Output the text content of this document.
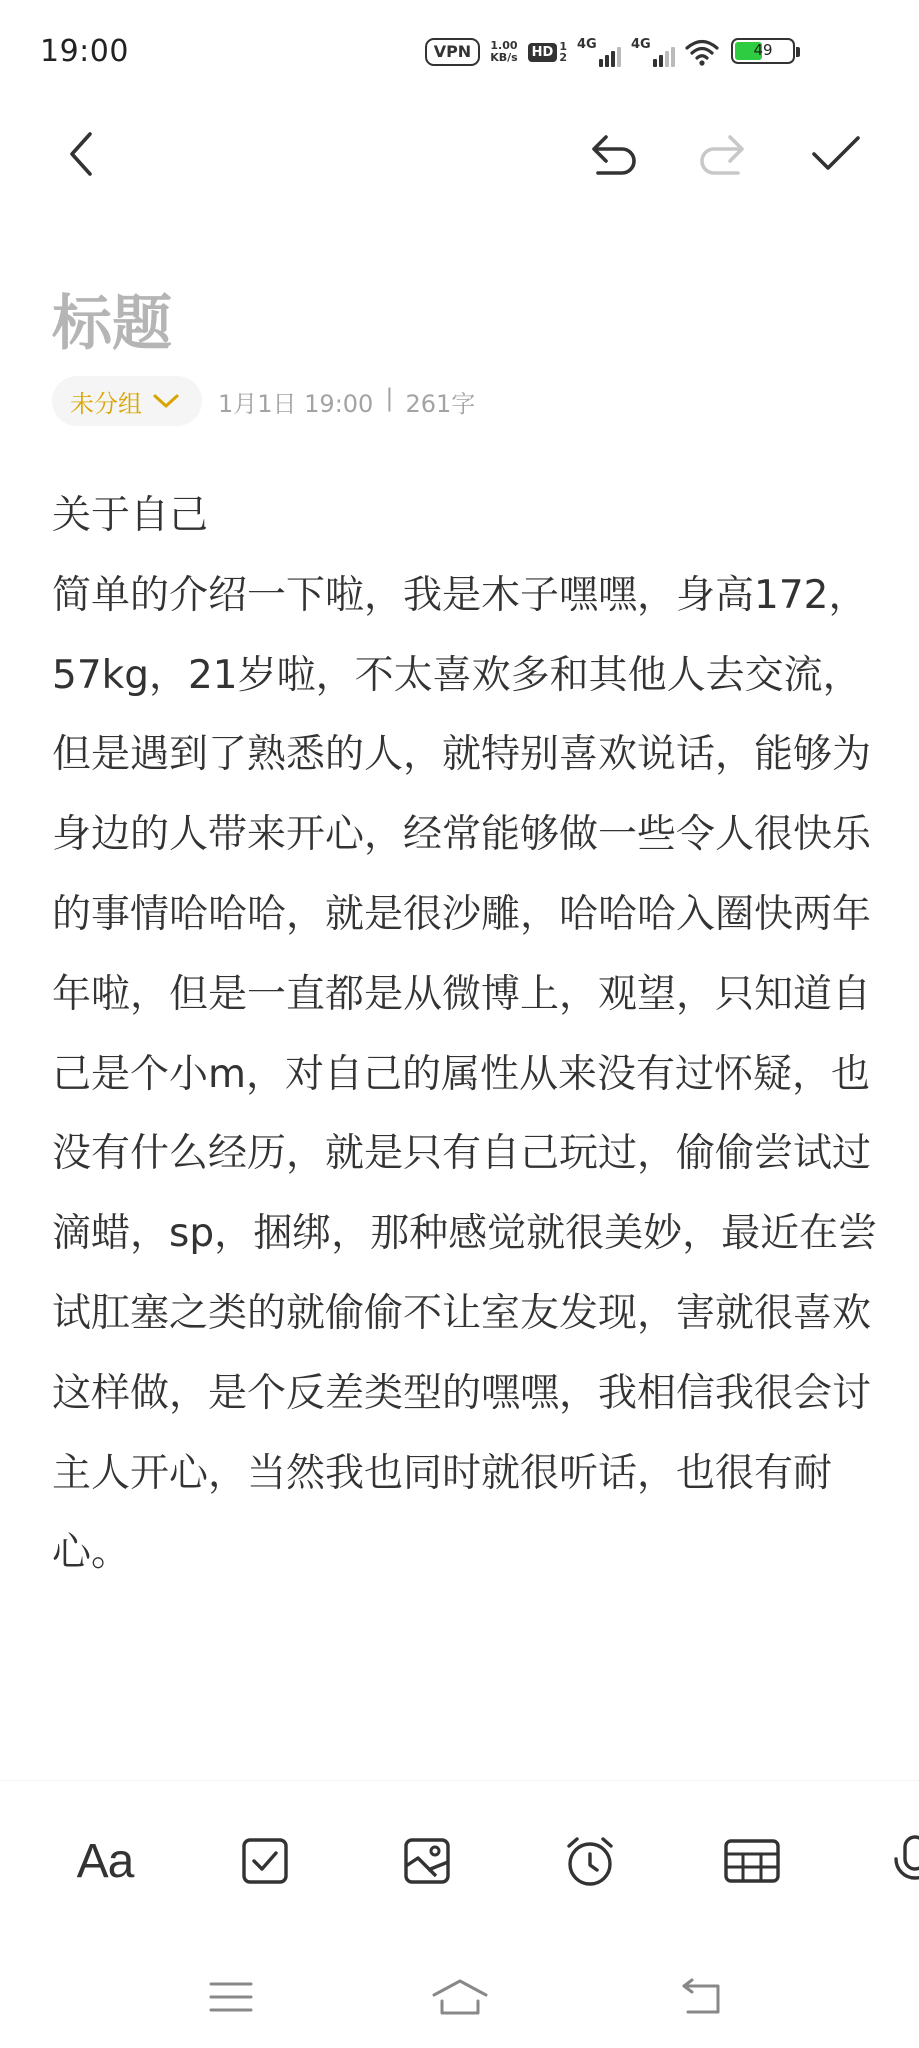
19:00	VPN	1.00
KB/s	HD 1
2
4G	4G	49
标题
未分组	1月1日 19:00 | 261字
关于自己
简单的介绍一下啦，我是木子嘿嘿，身高172，57kg，21岁啦，不太喜欢多和其他人去交流，但是遇到了熟悉的人，就特别喜欢说话，能够为身边的人带来开心，经常能够做一些令人很快乐的事情哈哈哈，就是很沙雕，哈哈哈入圈快两年年啦，但是一直都是从微博上，观望，只知道自己是个小m，对自己的属性从来没有过怀疑，也没有什么经历，就是只有自己玩过，偷偷尝试过滴蜡，sp，捆绑，那种感觉就很美妙，最近在尝试肛塞之类的就偷偷不让室友发现，害就很喜欢这样做，是个反差类型的嘿嘿，我相信我很会讨主人开心，当然我也同时就很听话，也很有耐心。
Aa
